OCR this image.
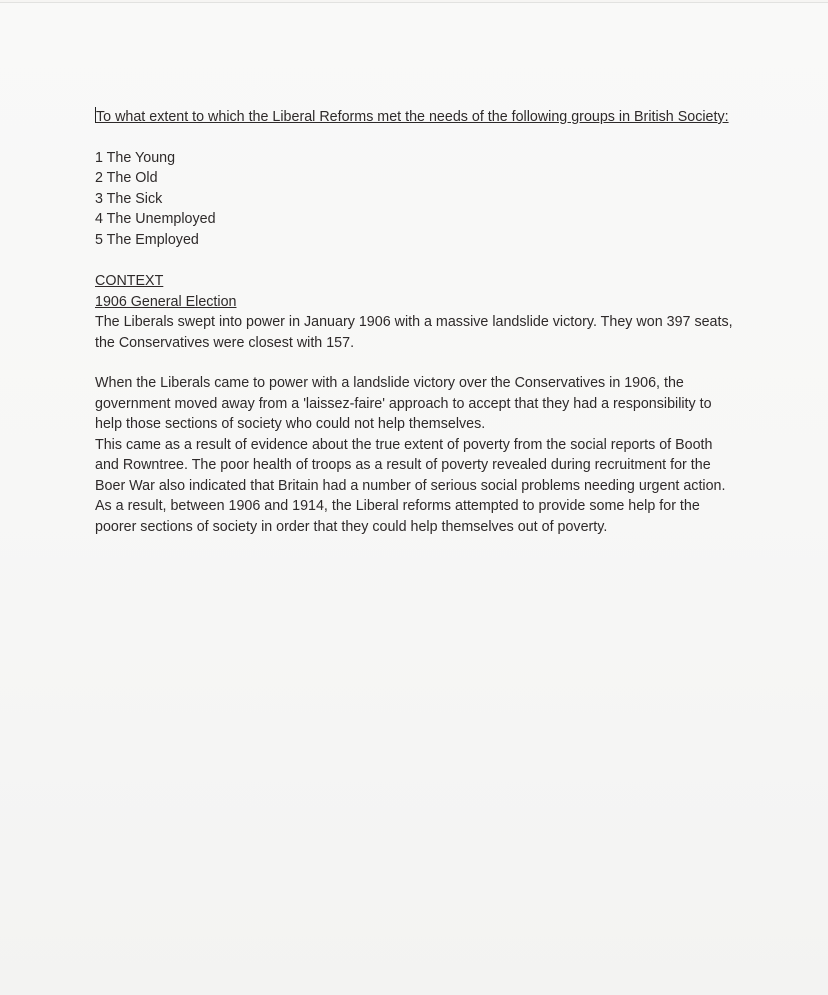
To what extent to which the Liberal Reforms met the needs of the following groups in British Society:

1 The Young
2 The Old
3 The Sick
4 The Unemployed
5 The Employed

CONTEXT

1906 General Election

The Liberals swept into power in January 1906 with a massive landslide victory. They won 397 seats, the Conservatives were closest with 157.

When the Liberals came to power with a landslide victory over the Conservatives in 1906, the government moved away from a 'laissez-faire' approach to accept that they had a responsibility to help those sections of society who could not help themselves.

This came as a result of evidence about the true extent of poverty from the social reports of Booth and Rowntree. The poor health of troops as a result of poverty revealed during recruitment for the Boer War also indicated that Britain had a number of serious social problems needing urgent action.

As a result, between 1906 and 1914, the Liberal reforms attempted to provide some help for the poorer sections of society in order that they could help themselves out of poverty.
